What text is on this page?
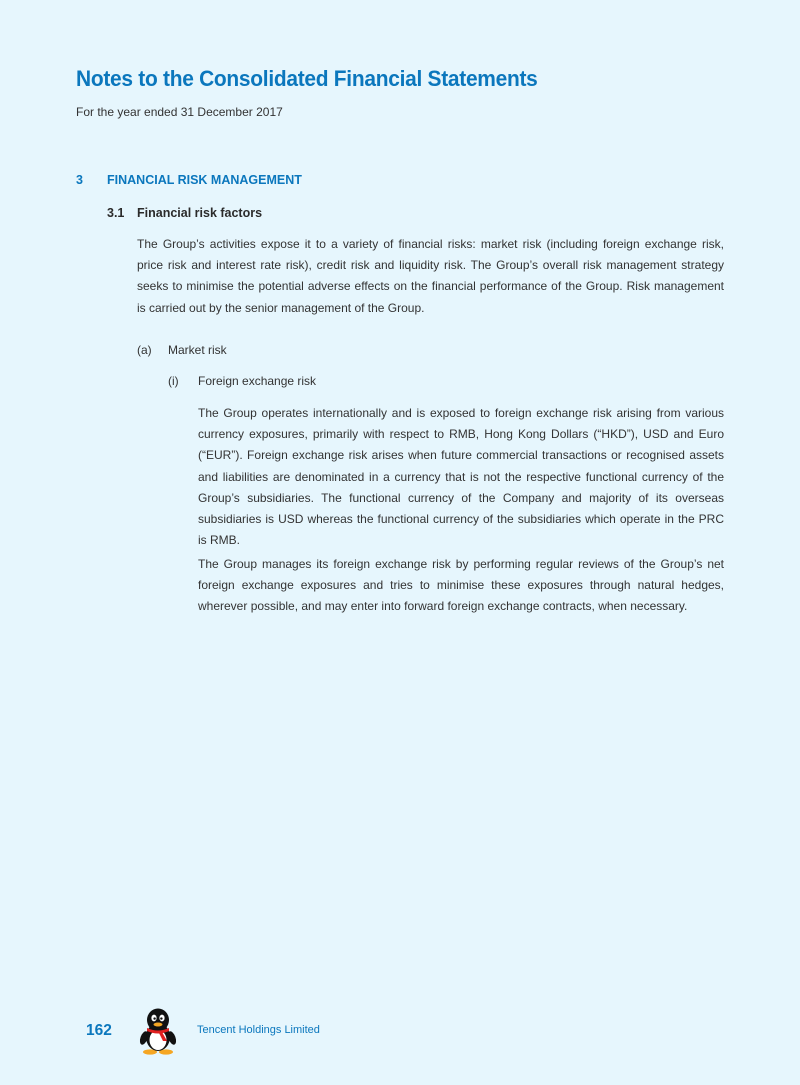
Notes to the Consolidated Financial Statements

For the year ended 31 December 2017

3	FINANCIAL RISK MANAGEMENT
3.1	Financial risk factors

The Group’s activities expose it to a variety of financial risks: market risk (including foreign exchange risk, price risk and interest rate risk), credit risk and liquidity risk. The Group’s overall risk management strategy seeks to minimise the potential adverse effects on the financial performance of the Group. Risk management is carried out by the senior management of the Group.

(a)	Market risk
(i)	Foreign exchange risk

The Group operates internationally and is exposed to foreign exchange risk arising from various currency exposures, primarily with respect to RMB, Hong Kong Dollars (“HKD”), USD and Euro (“EUR”). Foreign exchange risk arises when future commercial transactions or recognised assets and liabilities are denominated in a currency that is not the respective functional currency of the Group’s subsidiaries. The functional currency of the Company and majority of its overseas subsidiaries is USD whereas the functional currency of the subsidiaries which operate in the PRC is RMB.

The Group manages its foreign exchange risk by performing regular reviews of the Group’s net foreign exchange exposures and tries to minimise these exposures through natural hedges, wherever possible, and may enter into forward foreign exchange contracts, when necessary.

162	Tencent Holdings Limited
